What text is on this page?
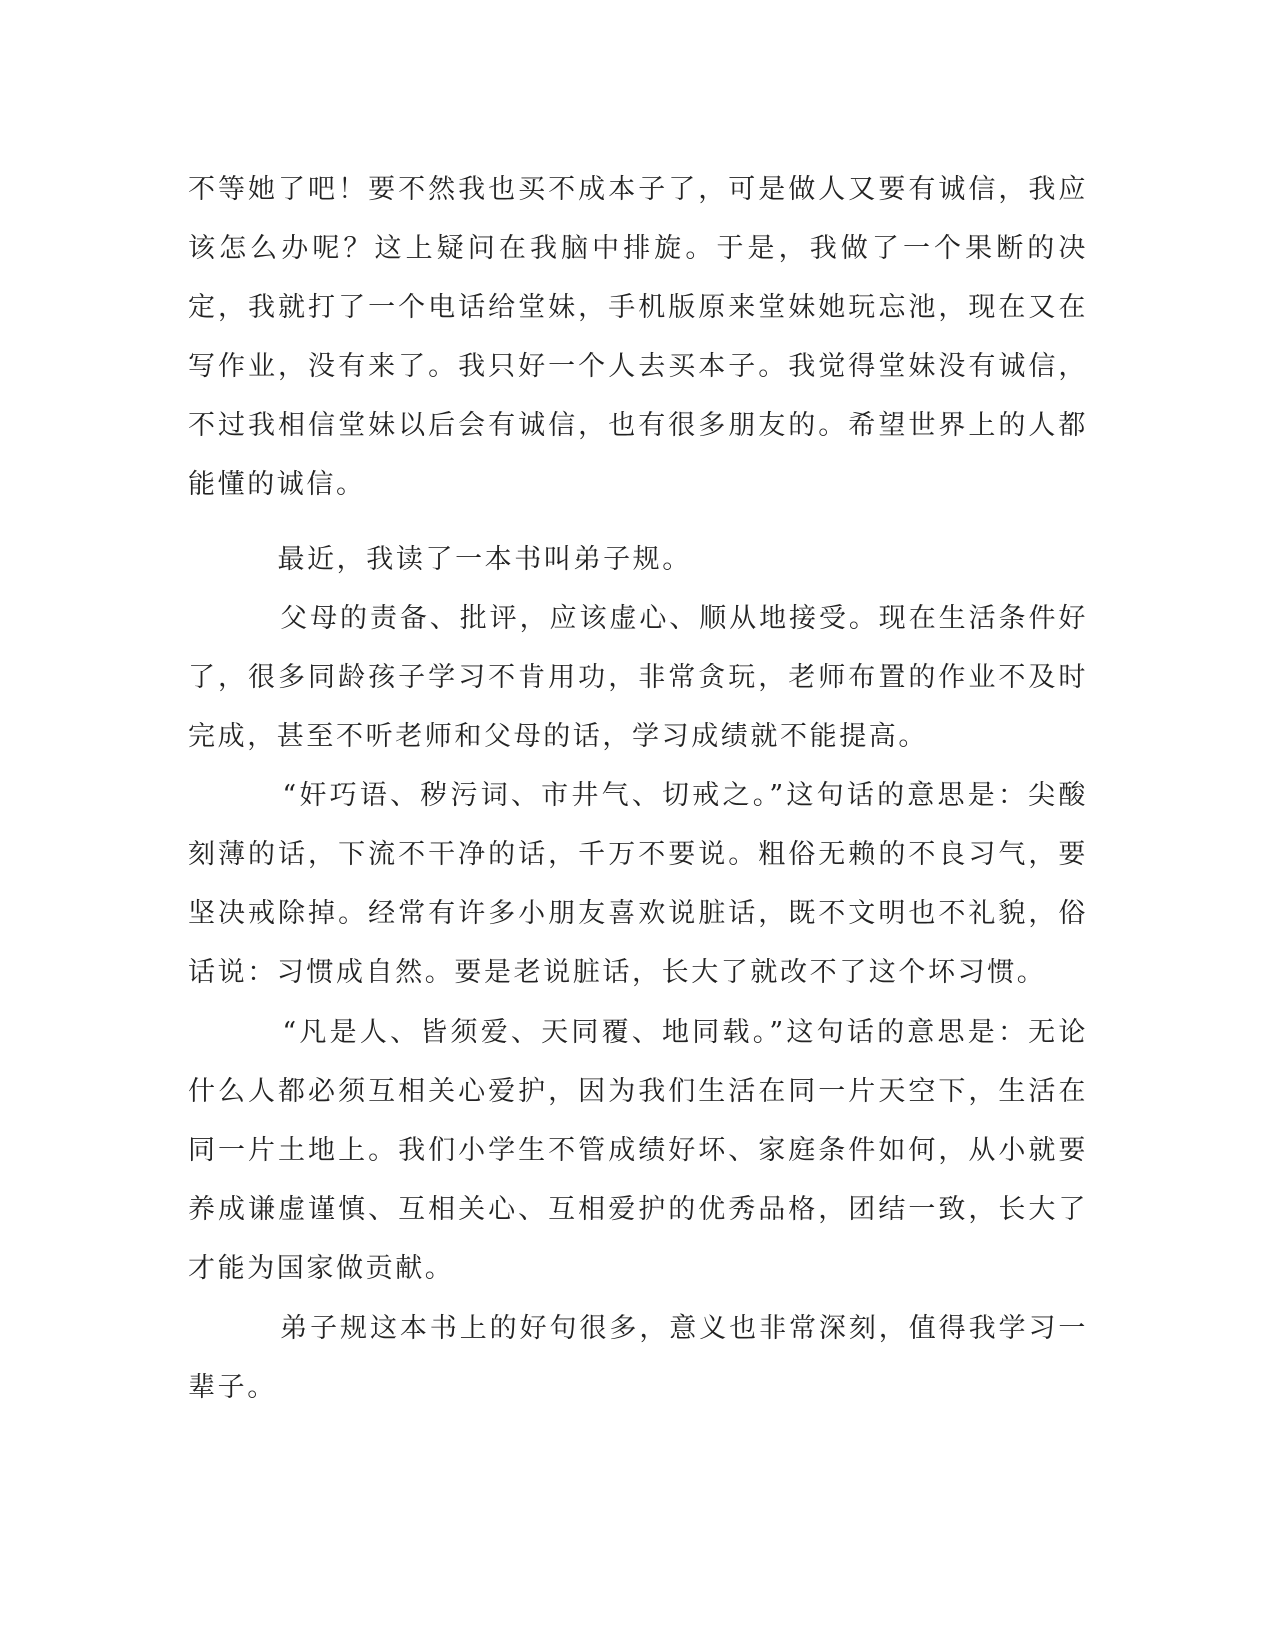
不等她了吧！要不然我也买不成本子了，可是做人又要有诚信，我应该怎么办呢？这上疑问在我脑中排旋。于是，我做了一个果断的决定，我就打了一个电话给堂妹，手机版原来堂妹她玩忘池，现在又在写作业，没有来了。我只好一个人去买本子。我觉得堂妹没有诚信，不过我相信堂妹以后会有诚信，也有很多朋友的。希望世界上的人都能懂的诚信。

最近，我读了一本书叫弟子规。

父母的责备、批评，应该虚心、顺从地接受。现在生活条件好了，很多同龄孩子学习不肯用功，非常贪玩，老师布置的作业不及时完成，甚至不听老师和父母的话，学习成绩就不能提高。

“奸巧语、秽污词、市井气、切戒之。”这句话的意思是：尖酸刻薄的话，下流不干净的话，千万不要说。粗俗无赖的不良习气，要坚决戒除掉。经常有许多小朋友喜欢说脏话，既不文明也不礼貌，俗话说：习惯成自然。要是老说脏话，长大了就改不了这个坏习惯。

“凡是人、皆须爱、天同覆、地同载。”这句话的意思是：无论什么人都必须互相关心爱护，因为我们生活在同一片天空下，生活在同一片土地上。我们小学生不管成绩好坏、家庭条件如何，从小就要养成谦虚谨慎、互相关心、互相爱护的优秀品格，团结一致，长大了才能为国家做贡献。

弟子规这本书上的好句很多，意义也非常深刻，值得我学习一辈子。
